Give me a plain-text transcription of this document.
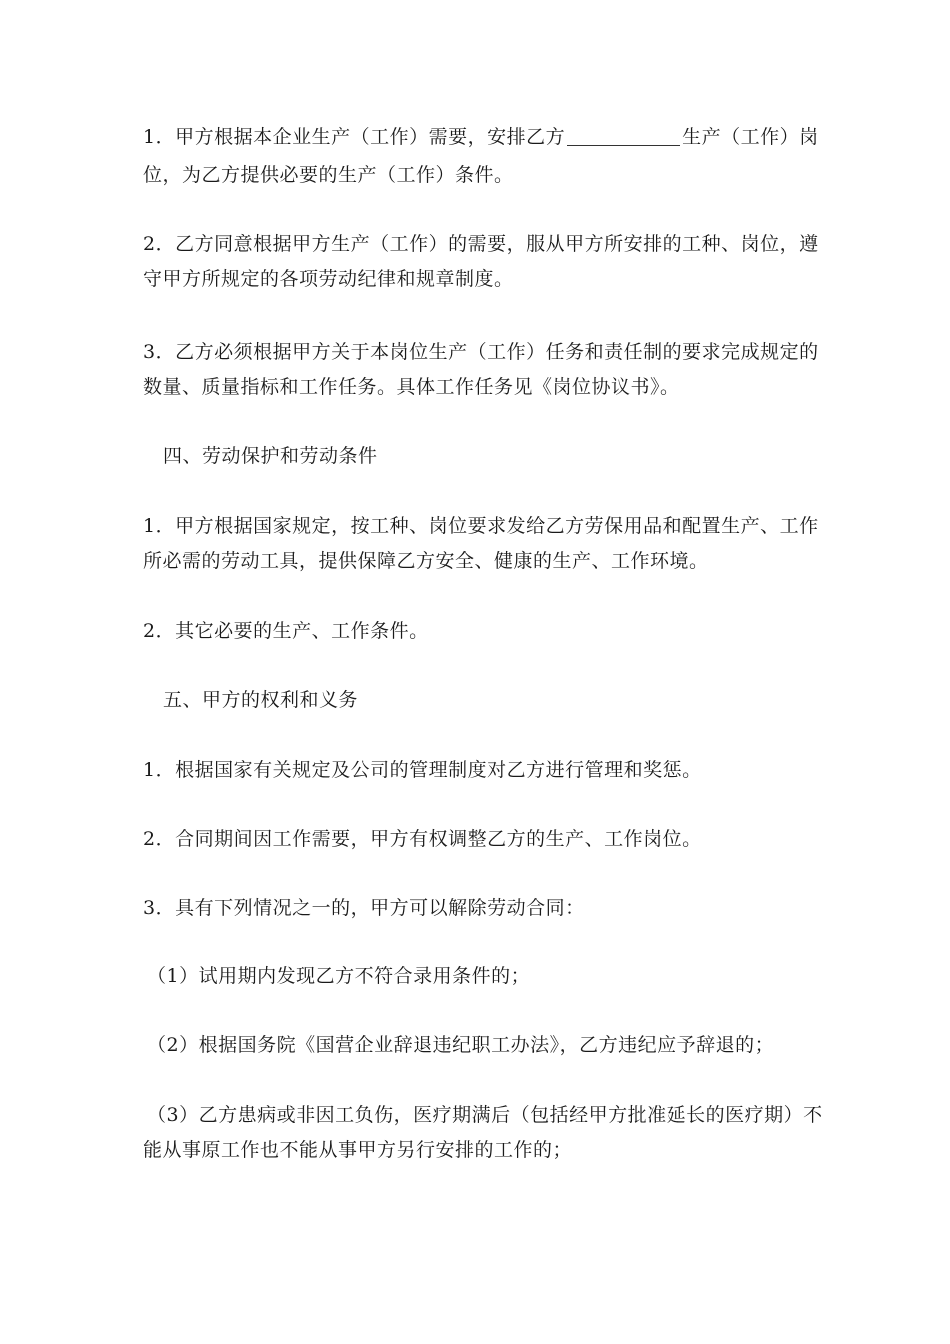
1．甲方根据本企业生产（工作）需要，安排乙方	生产（工作）岗
位，为乙方提供必要的生产（工作）条件。
2．乙方同意根据甲方生产（工作）的需要，服从甲方所安排的工种、岗位，遵
守甲方所规定的各项劳动纪律和规章制度。
3．乙方必须根据甲方关于本岗位生产（工作）任务和责任制的要求完成规定的
数量、质量指标和工作任务。具体工作任务见《岗位协议书》。
四、劳动保护和劳动条件
1．甲方根据国家规定，按工种、岗位要求发给乙方劳保用品和配置生产、工作
所必需的劳动工具，提供保障乙方安全、健康的生产、工作环境。
2．其它必要的生产、工作条件。
五、甲方的权利和义务
1．根据国家有关规定及公司的管理制度对乙方进行管理和奖惩。
2．合同期间因工作需要，甲方有权调整乙方的生产、工作岗位。
3．具有下列情况之一的，甲方可以解除劳动合同：
（1）试用期内发现乙方不符合录用条件的；
（2）根据国务院《国营企业辞退违纪职工办法》，乙方违纪应予辞退的；
（3）乙方患病或非因工负伤，医疗期满后（包括经甲方批准延长的医疗期）不
能从事原工作也不能从事甲方另行安排的工作的；
